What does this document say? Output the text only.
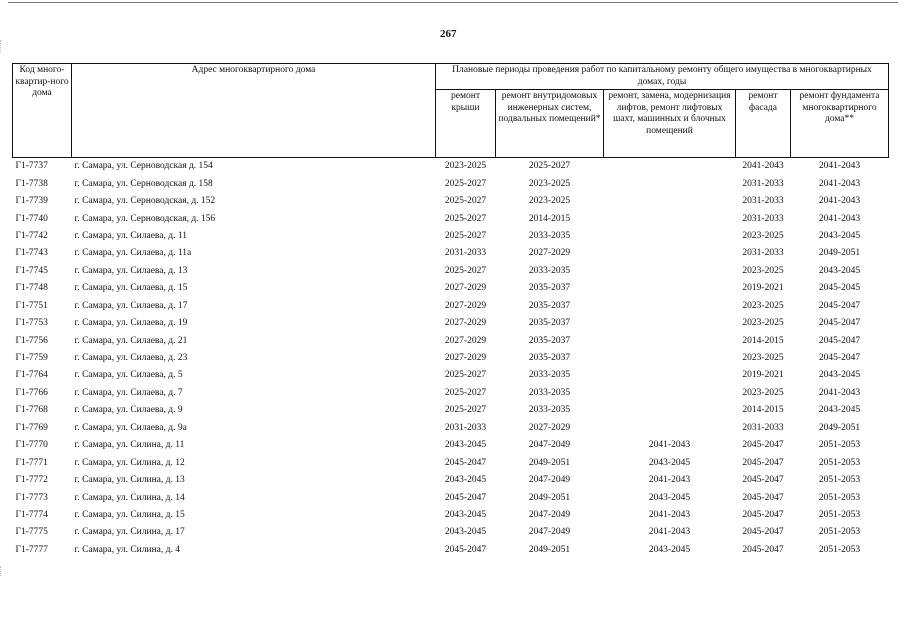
267
Код много-квартир-ного дома	Адрес многоквартирного дома	Плановые периоды проведения работ по капитальному ремонту общего имущества в многоквартирных домах, годы				
		ремонт крыши	ремонт внутридомовых инженерных систем, подвальных помещений*	ремонт, замена, модернизация лифтов, ремонт лифтовых шахт, машинных и блочных помещений	ремонт фасада	ремонт фундамента многоквартирного дома**
Г1-7737	г. Самара, ул. Серноводская д. 154	2023-2025	2025-2027		2041-2043	2041-2043
Г1-7738	г. Самара, ул. Серноводская д. 158	2025-2027	2023-2025		2031-2033	2041-2043
Г1-7739	г. Самара, ул. Серноводская, д. 152	2025-2027	2023-2025		2031-2033	2041-2043
Г1-7740	г. Самара, ул. Серноводская, д. 156	2025-2027	2014-2015		2031-2033	2041-2043
Г1-7742	г. Самара, ул. Силаева, д. 11	2025-2027	2033-2035		2023-2025	2043-2045
Г1-7743	г. Самара, ул. Силаева, д. 11а	2031-2033	2027-2029		2031-2033	2049-2051
Г1-7745	г. Самара, ул. Силаева, д. 13	2025-2027	2033-2035		2023-2025	2043-2045
Г1-7748	г. Самара, ул. Силаева, д. 15	2027-2029	2035-2037		2019-2021	2045-2045
Г1-7751	г. Самара, ул. Силаева, д. 17	2027-2029	2035-2037		2023-2025	2045-2047
Г1-7753	г. Самара, ул. Силаева, д. 19	2027-2029	2035-2037		2023-2025	2045-2047
Г1-7756	г. Самара, ул. Силаева, д. 21	2027-2029	2035-2037		2014-2015	2045-2047
Г1-7759	г. Самара, ул. Силаева, д. 23	2027-2029	2035-2037		2023-2025	2045-2047
Г1-7764	г. Самара, ул. Силаева, д. 5	2025-2027	2033-2035		2019-2021	2043-2045
Г1-7766	г. Самара, ул. Силаева, д. 7	2025-2027	2033-2035		2023-2025	2041-2043
Г1-7768	г. Самара, ул. Силаева, д. 9	2025-2027	2033-2035		2014-2015	2043-2045
Г1-7769	г. Самара, ул. Силаева, д. 9а	2031-2033	2027-2029		2031-2033	2049-2051
Г1-7770	г. Самара, ул. Силина, д. 11	2043-2045	2047-2049	2041-2043	2045-2047	2051-2053
Г1-7771	г. Самара, ул. Силина, д. 12	2045-2047	2049-2051	2043-2045	2045-2047	2051-2053
Г1-7772	г. Самара, ул. Силина, д. 13	2043-2045	2047-2049	2041-2043	2045-2047	2051-2053
Г1-7773	г. Самара, ул. Силина, д. 14	2045-2047	2049-2051	2043-2045	2045-2047	2051-2053
Г1-7774	г. Самара, ул. Силина, д. 15	2043-2045	2047-2049	2041-2043	2045-2047	2051-2053
Г1-7775	г. Самара, ул. Силина, д. 17	2043-2045	2047-2049	2041-2043	2045-2047	2051-2053
Г1-7777	г. Самара, ул. Силина, д. 4	2045-2047	2049-2051	2043-2045	2045-2047	2051-2053
